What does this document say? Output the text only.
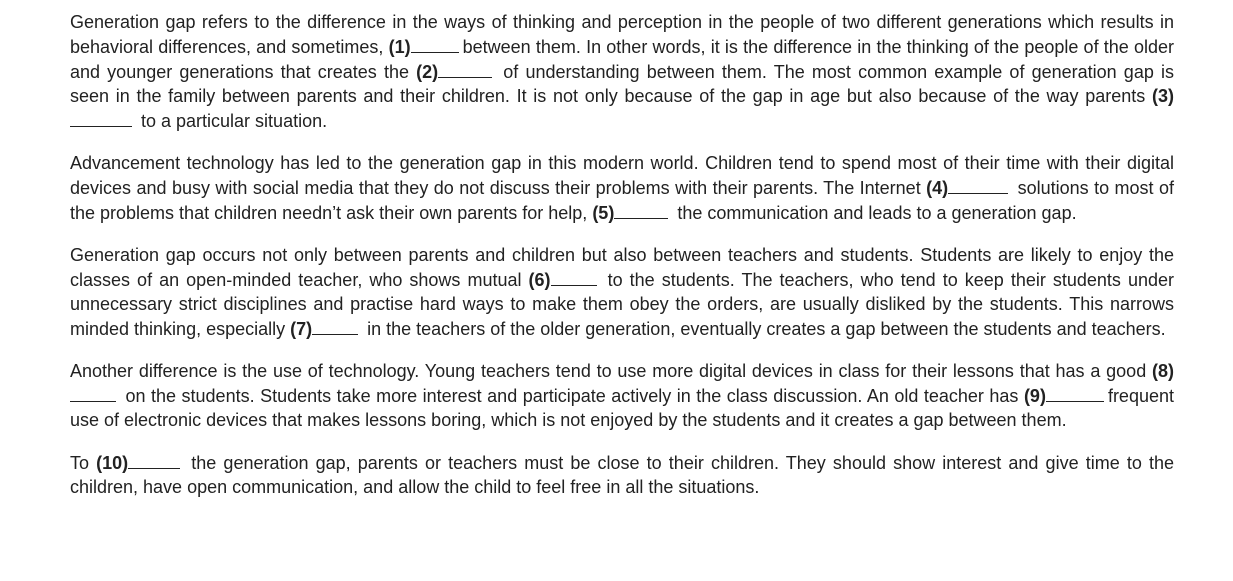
Generation gap refers to the difference in the ways of thinking and perception in the people of two different generations which results in behavioral differences, and sometimes, (1)	between them. In other words, it is the difference in the thinking of the people of the older and younger generations that creates the (2)	of understanding between them. The most common example of generation gap is seen in the family between parents and their children. It is not only because of the gap in age but also because of the way parents (3) to a particular situation.

Advancement technology has led to the generation gap in this modern world. Children tend to spend most of their time with their digital devices and busy with social media that they do not discuss their problems with their parents. The Internet (4)	solutions to most of the problems that children needn’t ask their own parents for help, (5)	the communication and leads to a generation gap.

Generation gap occurs not only between parents and children but also between teachers and students. Students are likely to enjoy the classes of an open-minded teacher, who shows mutual (6)	to the students. The teachers, who tend to keep their students under unnecessary strict disciplines and practise hard ways to make them obey the orders, are usually disliked by the students. This narrows minded thinking, especially (7)	in the teachers of the older generation, eventually creates a gap between the students and teachers.

Another difference is the use of technology. Young teachers tend to use more digital devices in class for their lessons that has a good (8) on the students. Students take more interest and participate actively in the class discussion. An old teacher has (9)	frequent use of electronic devices that makes lessons boring, which is not enjoyed by the students and it creates a gap between them.

To (10)	the generation gap, parents or teachers must be close to their children. They should show interest and give time to the children, have open communication, and allow the child to feel free in all the situations.
